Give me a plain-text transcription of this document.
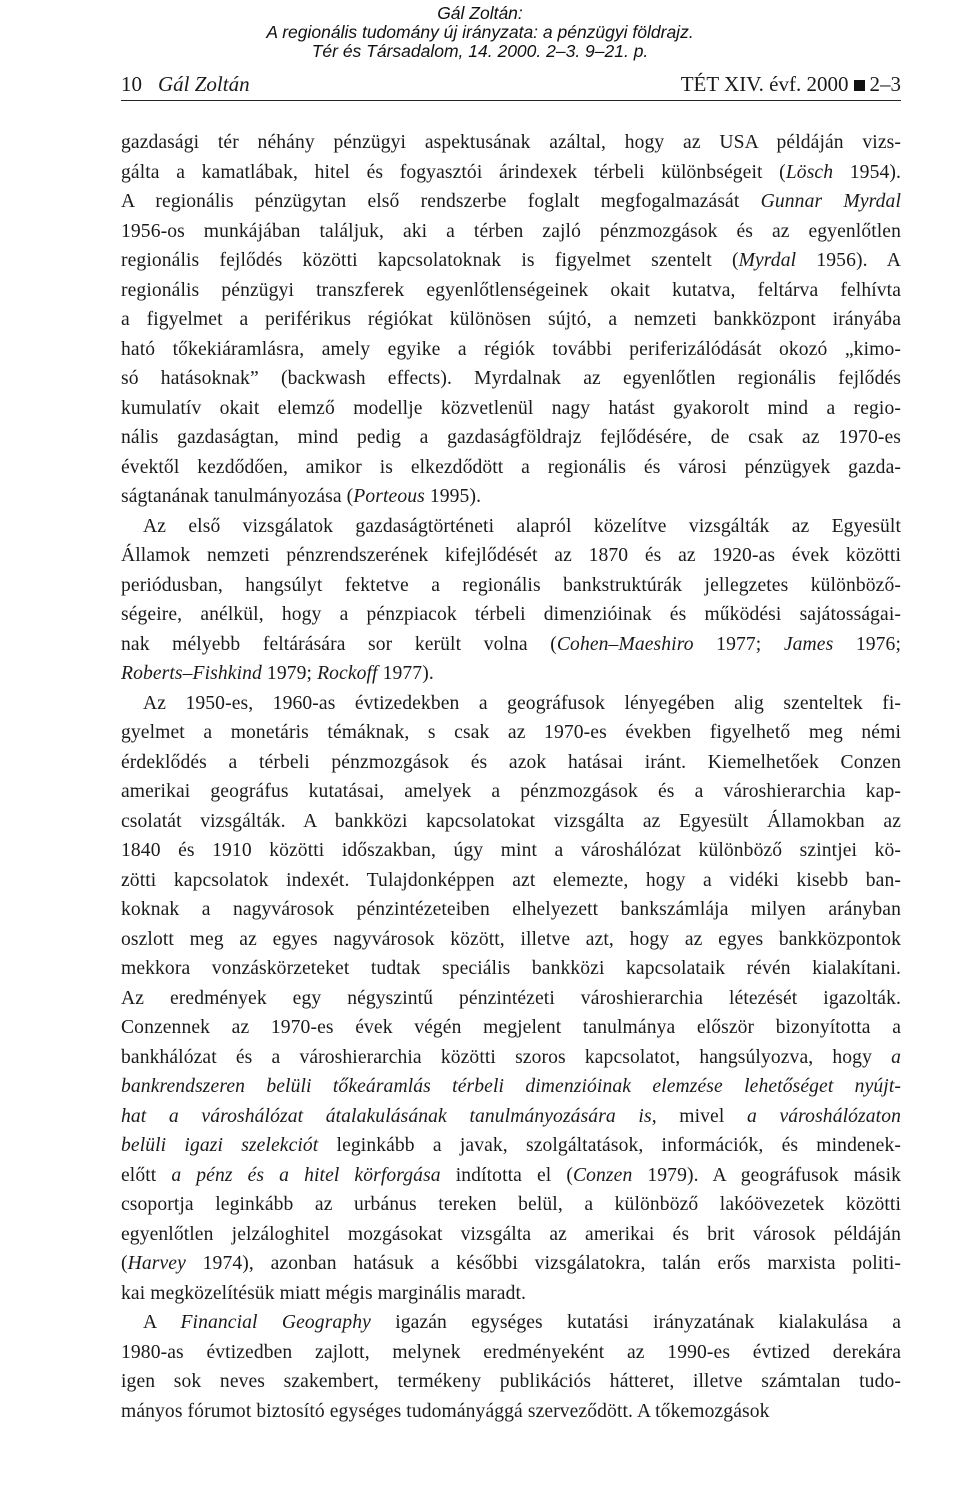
Gál Zoltán:
A regionális tudomány új irányzata: a pénzügyi földrajz.
Tér és Társadalom, 14. 2000. 2–3. 9–21. p.
10 Gál Zoltán	TÉT XIV. évf. 2000 2–3

gazdasági tér néhány pénzügyi aspektusának azáltal, hogy az USA példáján vizs-
gálta a kamatlábak, hitel és fogyasztói árindexek térbeli különbségeit (Lösch 1954).
A regionális pénzügytan első rendszerbe foglalt megfogalmazását Gunnar Myrdal
1956-os munkájában találjuk, aki a térben zajló pénzmozgások és az egyenlőtlen
regionális fejlődés közötti kapcsolatoknak is figyelmet szentelt (Myrdal 1956). A
regionális pénzügyi transzferek egyenlőtlenségeinek okait kutatva, feltárva felhívta
a figyelmet a periférikus régiókat különösen sújtó, a nemzeti bankközpont irányába
ható tőkekiáramlásra, amely egyike a régiók további periferizálódását okozó „kimo-
só hatásoknak” (backwash effects). Myrdalnak az egyenlőtlen regionális fejlődés
kumulatív okait elemző modellje közvetlenül nagy hatást gyakorolt mind a regio-
nális gazdaságtan, mind pedig a gazdaságföldrajz fejlődésére, de csak az 1970-es
évektől kezdődően, amikor is elkezdődött a regionális és városi pénzügyek gazda-
ságtanának tanulmányozása (Porteous 1995).

Az első vizsgálatok gazdaságtörténeti alapról közelítve vizsgálták az Egyesült
Államok nemzeti pénzrendszerének kifejlődését az 1870 és az 1920-as évek közötti
periódusban, hangsúlyt fektetve a regionális bankstruktúrák jellegzetes különböző-
ségeire, anélkül, hogy a pénzpiacok térbeli dimenzióinak és működési sajátosságai-
nak mélyebb feltárására sor került volna (Cohen–Maeshiro 1977; James 1976;
Roberts–Fishkind 1979; Rockoff 1977).

Az 1950-es, 1960-as évtizedekben a geográfusok lényegében alig szenteltek fi-
gyelmet a monetáris témáknak, s csak az 1970-es években figyelhető meg némi
érdeklődés a térbeli pénzmozgások és azok hatásai iránt. Kiemelhetőek Conzen
amerikai geográfus kutatásai, amelyek a pénzmozgások és a városhierarchia kap-
csolatát vizsgálták. A bankközi kapcsolatokat vizsgálta az Egyesült Államokban az
1840 és 1910 közötti időszakban, úgy mint a városhálózat különböző szintjei kö-
zötti kapcsolatok indexét. Tulajdonképpen azt elemezte, hogy a vidéki kisebb ban-
koknak a nagyvárosok pénzintézeteiben elhelyezett bankszámlája milyen arányban
oszlott meg az egyes nagyvárosok között, illetve azt, hogy az egyes bankközpontok
mekkora vonzáskörzeteket tudtak speciális bankközi kapcsolataik révén kialakítani.
Az eredmények egy négyszintű pénzintézeti városhierarchia létezését igazolták.
Conzennek az 1970-es évek végén megjelent tanulmánya először bizonyította a
bankhálózat és a városhierarchia közötti szoros kapcsolatot, hangsúlyozva, hogy a
bankrendszeren belüli tőkeáramlás térbeli dimenzióinak elemzése lehetőséget nyújt-
hat a városhálózat átalakulásának tanulmányozására is, mivel a városhálózaton
belüli igazi szelekciót leginkább a javak, szolgáltatások, információk, és mindenek-
előtt a pénz és a hitel körforgása indította el (Conzen 1979). A geográfusok másik
csoportja leginkább az urbánus tereken belül, a különböző lakóövezetek közötti
egyenlőtlen jelzáloghitel mozgásokat vizsgálta az amerikai és brit városok példáján
(Harvey 1974), azonban hatásuk a későbbi vizsgálatokra, talán erős marxista politi-
kai megközelítésük miatt mégis marginális maradt.

A Financial Geography igazán egységes kutatási irányzatának kialakulása a
1980-as évtizedben zajlott, melynek eredményeként az 1990-es évtized derekára
igen sok neves szakembert, termékeny publikációs hátteret, illetve számtalan tudo-
mányos fórumot biztosító egységes tudományággá szerveződött. A tőkemozgások
